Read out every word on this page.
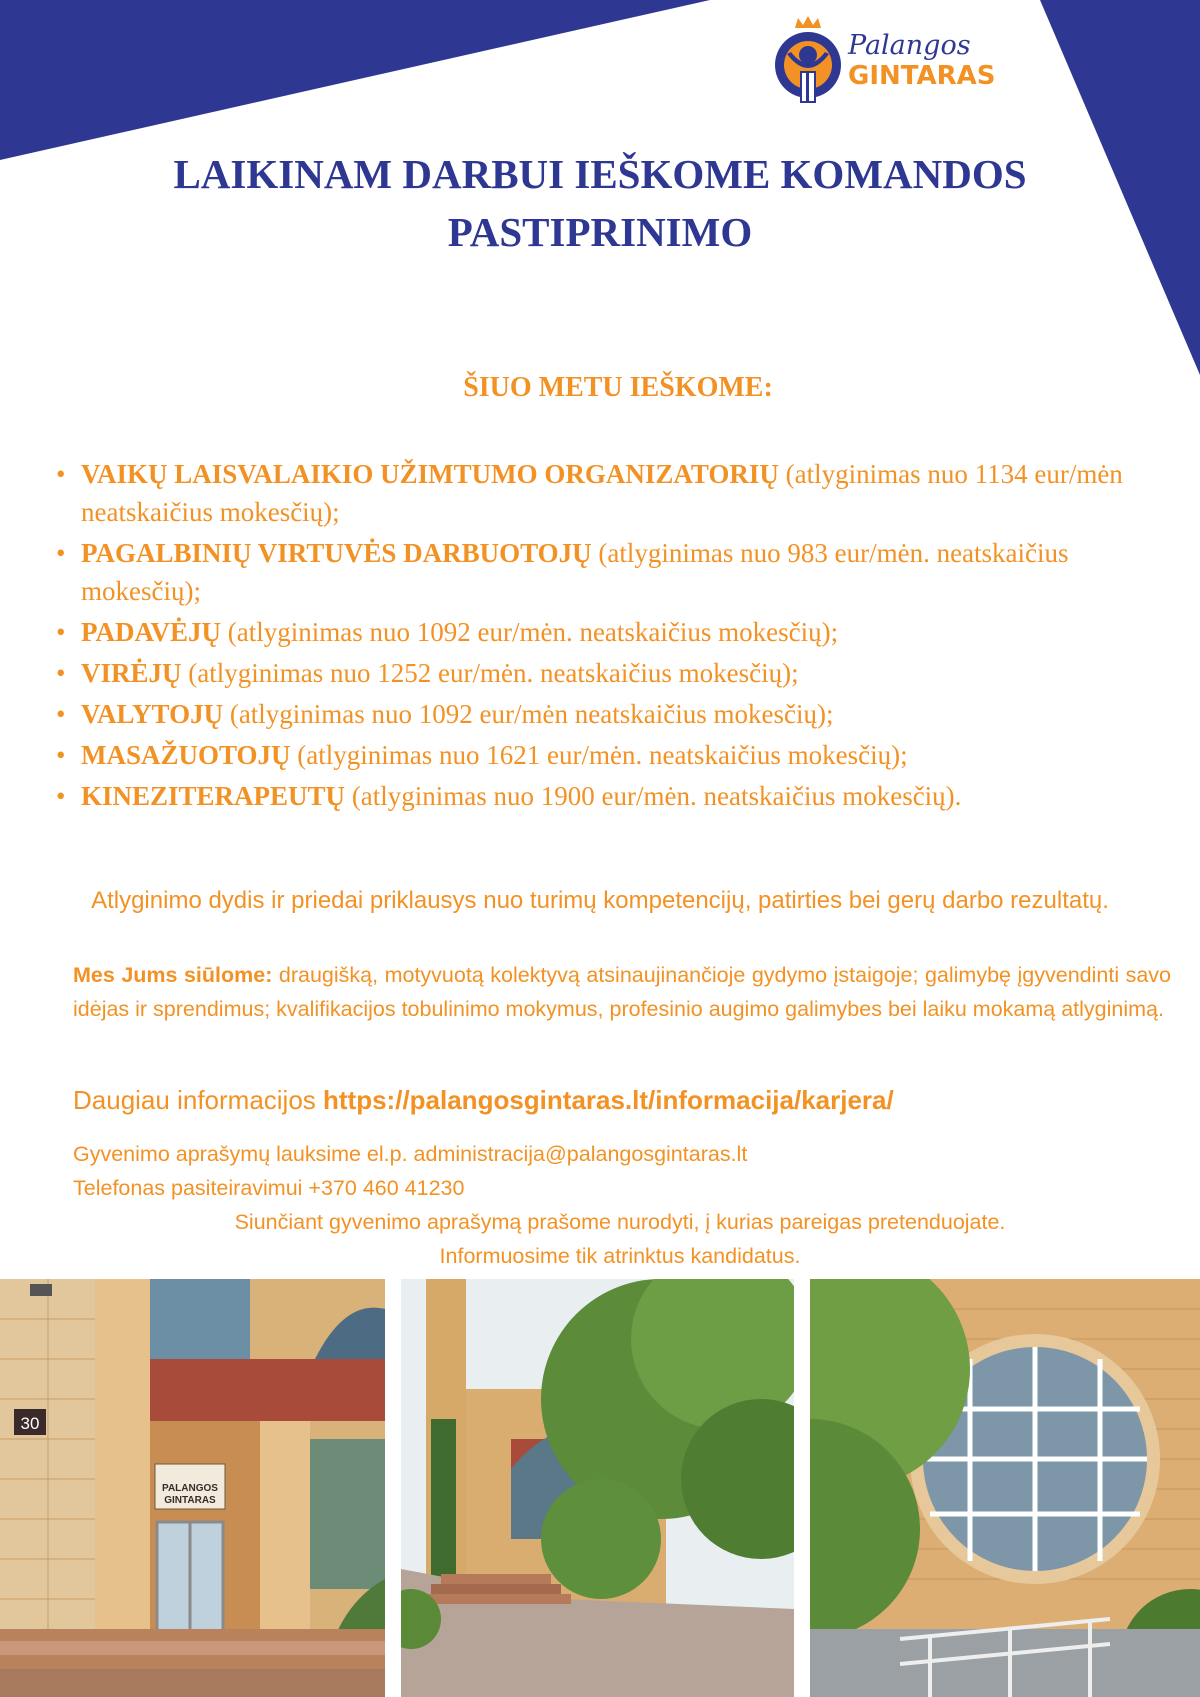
Palangos
GINTARAS
LAIKINAM DARBUI IEŠKOME KOMANDOS
PASTIPRINIMO
ŠIUO METU IEŠKOME:
• VAIKŲ LAISVALAIKIO UŽIMTUMO ORGANIZATORIŲ (atlyginimas nuo 1134 eur/mėn neatskaičius mokesčių);
• PAGALBINIŲ VIRTUVĖS DARBUOTOJŲ (atlyginimas nuo 983 eur/mėn. neatskaičius mokesčių);
• PADAVĖJŲ (atlyginimas nuo 1092 eur/mėn. neatskaičius mokesčių);
• VIRĖJŲ (atlyginimas nuo 1252 eur/mėn. neatskaičius mokesčių);
• VALYTOJŲ (atlyginimas nuo 1092 eur/mėn neatskaičius mokesčių);
• MASAŽUOTOJŲ (atlyginimas nuo 1621 eur/mėn. neatskaičius mokesčių);
• KINEZITERAPEUTŲ (atlyginimas nuo 1900 eur/mėn. neatskaičius mokesčių).
Atlyginimo dydis ir priedai priklausys nuo turimų kompetencijų, patirties bei gerų darbo rezultatų.
Mes Jums siūlome: draugišką, motyvuotą kolektyvą atsinaujinančioje gydymo įstaigoje; galimybę įgyvendinti savo idėjas ir sprendimus; kvalifikacijos tobulinimo mokymus, profesinio augimo galimybes bei laiku mokamą atlyginimą.
Daugiau informacijos https://palangosgintaras.lt/informacija/karjera/
Gyvenimo aprašymų lauksime el.p. administracija@palangosgintaras.lt
Telefonas pasiteiravimui +370 460 41230
Siunčiant gyvenimo aprašymą prašome nurodyti, į kurias pareigas pretenduojate.
Informuosime tik atrinktus kandidatus.
30
PALANGOS
GINTARAS
